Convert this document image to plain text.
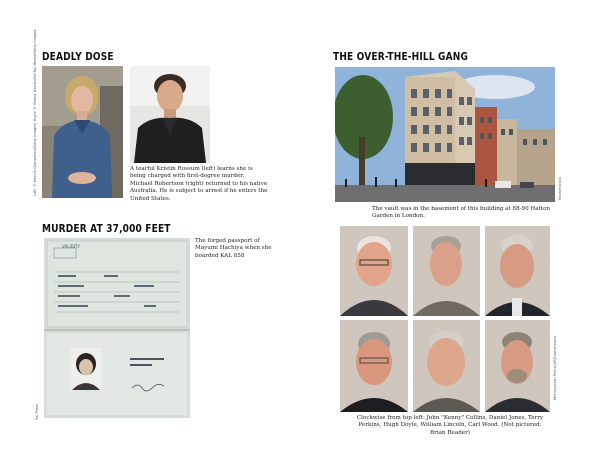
DEADLY DOSE
Left: © Kevork Djansezian/Getty Images; Right: © Bobby Davies/Fairfax Media/Getty Images	A tearful Kristin Rossum (left) learns she is being charged with first-degree murder. Michael Robertson (right) returned to his native Australia. He is subject to arrest if he enters the United States.
MURDER AT 37,000 FEET
Sal Press
VALIDITY
The forged passport of Mayumi Hachiya when she boarded KAL 858
THE OVER-THE-HILL GANG
Shutterstock
The vault was in the basement of this building at 88-90 Hatton Garden in London.
Metropolitan Police/AP/Shutterstock
Clockwise from top left: John "Kenny" Collins, Daniel Jones, Terry Perkins, Hugh Doyle, William Lincoln, Carl Wood. (Not pictured: Brian Reader)
